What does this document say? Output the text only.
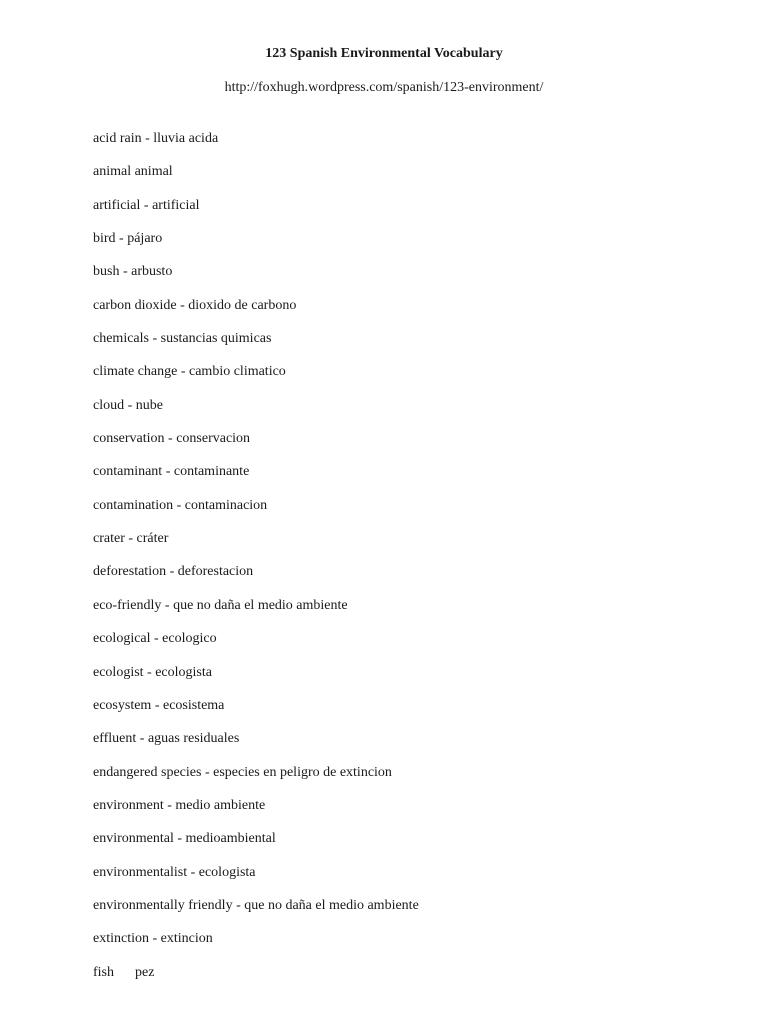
123 Spanish Environmental Vocabulary
http://foxhugh.wordpress.com/spanish/123-environment/
acid rain - lluvia acida
animal animal
artificial - artificial
bird - pájaro
bush - arbusto
carbon dioxide - dioxido de carbono
chemicals - sustancias quimicas
climate change - cambio climatico
cloud - nube
conservation - conservacion
contaminant - contaminante
contamination - contaminacion
crater - cráter
deforestation - deforestacion
eco-friendly - que no daña el medio ambiente
ecological - ecologico
ecologist - ecologista
ecosystem - ecosistema
effluent - aguas residuales
endangered species - especies en peligro de extincion
environment - medio ambiente
environmental - medioambiental
environmentalist - ecologista
environmentally friendly - que no daña el medio ambiente
extinction - extincion
fish      pez
